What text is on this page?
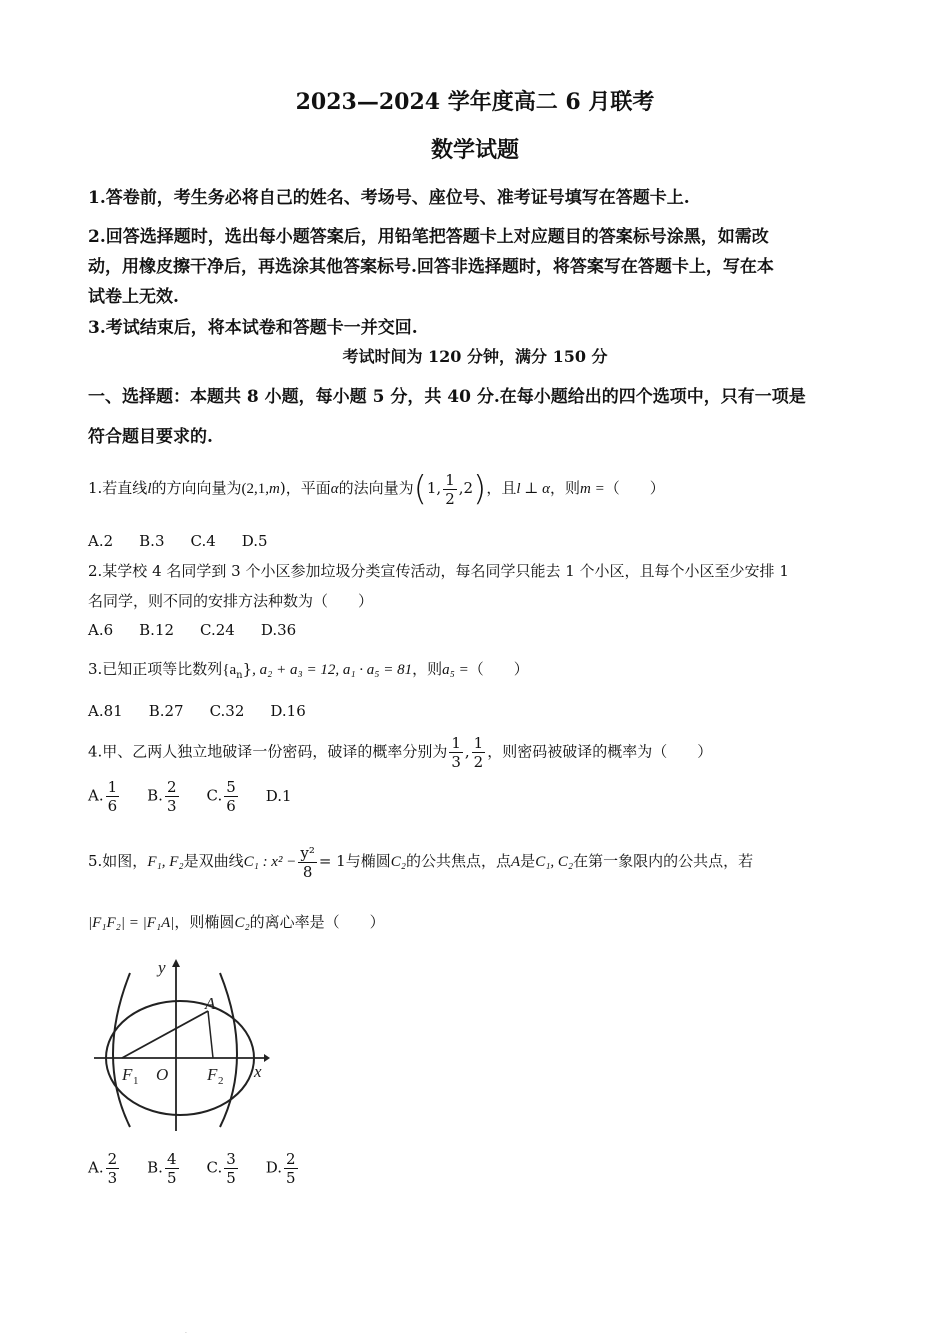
2023—2024 学年度高二 6 月联考
数学试题
1.答卷前，考生务必将自己的姓名、考场号、座位号、准考证号填写在答题卡上.
2.回答选择题时，选出每小题答案后，用铅笔把答题卡上对应题目的答案标号涂黑，如需改
动，用橡皮擦干净后，再选涂其他答案标号.回答非选择题时，将答案写在答题卡上，写在本
试卷上无效.
3.考试结束后，将本试卷和答题卡一并交回.
考试时间为 120 分钟，满分 150 分
一、选择题：本题共 8 小题，每小题 5 分，共 40 分.在每小题给出的四个选项中，只有一项是
符合题目要求的.
1.若直线l的方向向量为(2,1,m)，平面α的法向量为(1, $\frac{1}{2} ,2$)，且l ⊥ α，则m =（　　）
A.2 B.3 C.4 D.5
2.某学校 4 名同学到 3 个小区参加垃圾分类宣传活动，每名同学只能去 1 个小区，且每个小区至少安排 1
名同学，则不同的安排方法种数为（　　）
A.6 B.12 C.24 D.36
3.已知正项等比数列$\{a_n\}$, a₂ + a₃ = 12, a₁ · a₅ = 81，则a₅ =（　　）
A.81 B.27 C.32 D.16
4.甲、乙两人独立地破译一份密码，破译的概率分别为 $\frac{1}{3}$ , $\frac{1}{2}$ ，则密码被破译的概率为（　　）
A. $\frac{1}{6} B$. $\frac{2}{3} C$. $\frac{5}{6} D.1$
5.如图，F₁, F₂是双曲线C₁ : $x^2 - \frac{\text{y²}}{8} = 1$与椭圆C₂的公共焦点，点A是C₁, C₂在第一象限内的公共点，若
|F₁F₂| = |F₁A|，则椭圆C₂的离心率是（　　）
y
x
A
F 1 O F 2
A. $\frac{2}{3} B$. $\frac{4}{5} C$. $\frac{3}{5} D$. $\frac{2}{5}$
·
